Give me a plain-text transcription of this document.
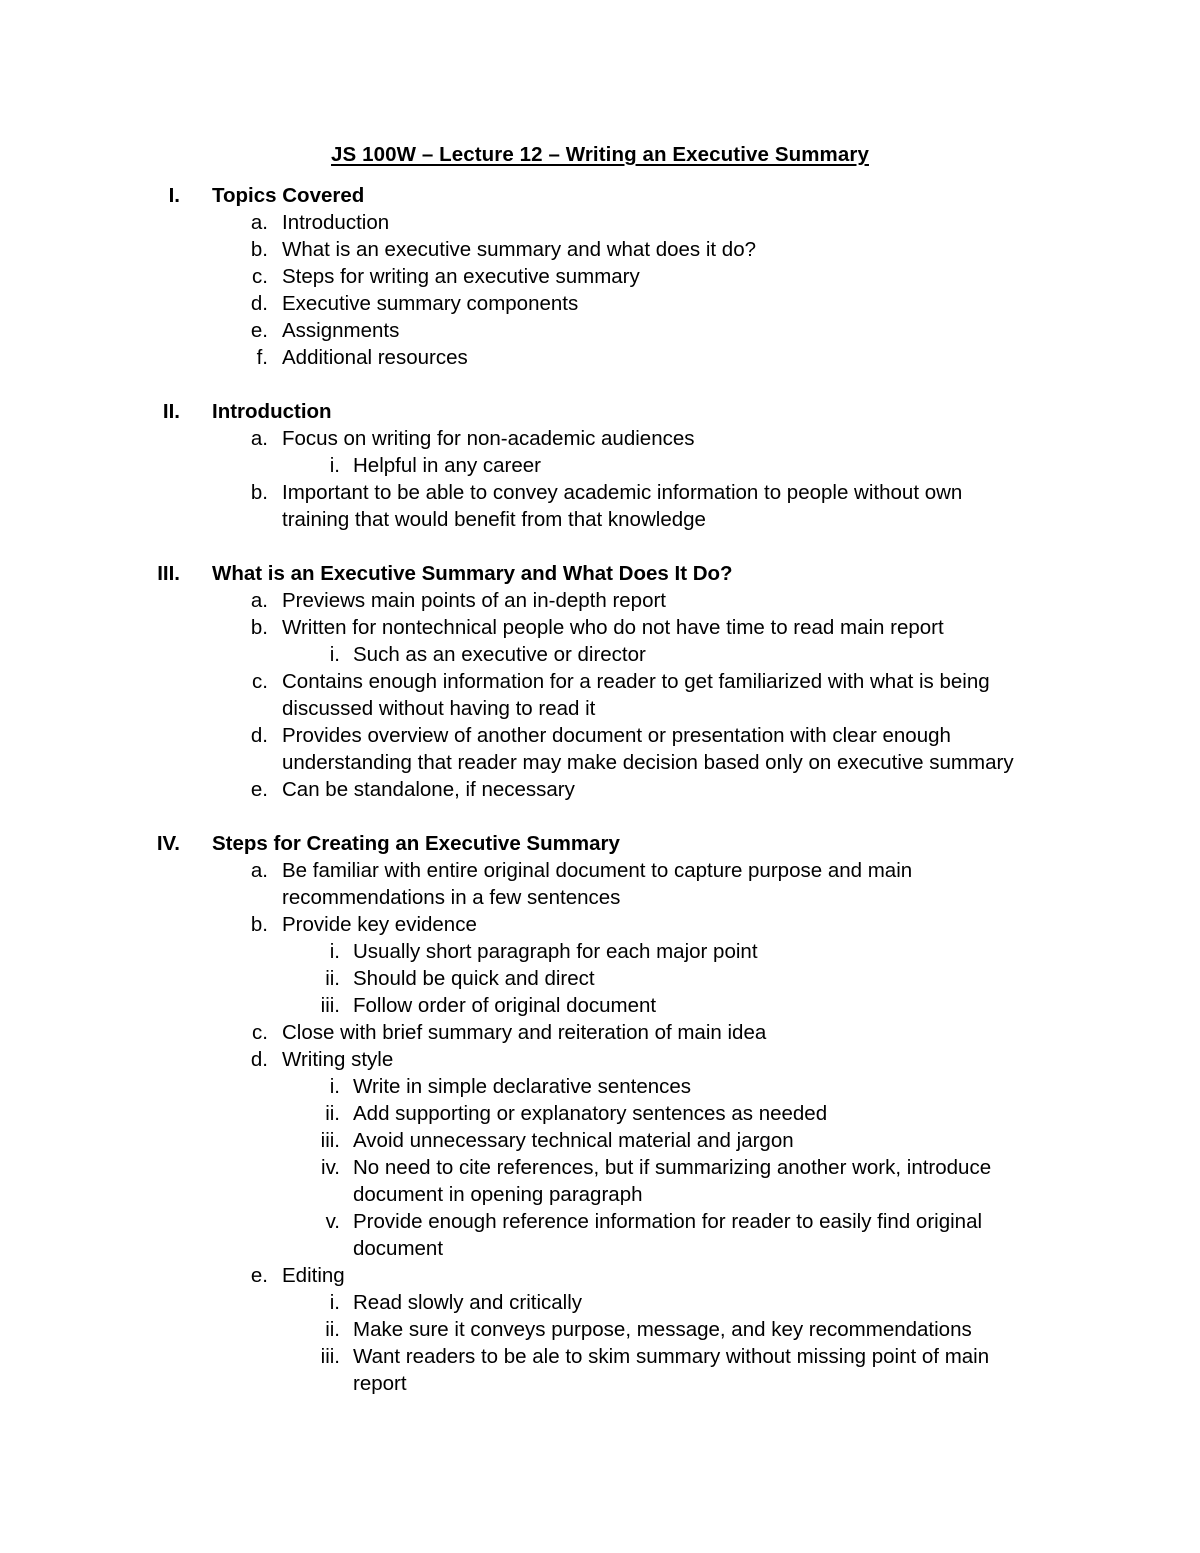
JS 100W – Lecture 12 – Writing an Executive Summary
I. Topics Covered
a. Introduction
b. What is an executive summary and what does it do?
c. Steps for writing an executive summary
d. Executive summary components
e. Assignments
f. Additional resources
II. Introduction
a. Focus on writing for non-academic audiences
i. Helpful in any career
b. Important to be able to convey academic information to people without own
training that would benefit from that knowledge
III. What is an Executive Summary and What Does It Do?
a. Previews main points of an in-depth report
b. Written for nontechnical people who do not have time to read main report
i. Such as an executive or director
c. Contains enough information for a reader to get familiarized with what is being
discussed without having to read it
d. Provides overview of another document or presentation with clear enough
understanding that reader may make decision based only on executive summary
e. Can be standalone, if necessary
IV. Steps for Creating an Executive Summary
a. Be familiar with entire original document to capture purpose and main
recommendations in a few sentences
b. Provide key evidence
i. Usually short paragraph for each major point
ii. Should be quick and direct
iii. Follow order of original document
c. Close with brief summary and reiteration of main idea
d. Writing style
i. Write in simple declarative sentences
ii. Add supporting or explanatory sentences as needed
iii. Avoid unnecessary technical material and jargon
iv. No need to cite references, but if summarizing another work, introduce
document in opening paragraph
v. Provide enough reference information for reader to easily find original
document
e. Editing
i. Read slowly and critically
ii. Make sure it conveys purpose, message, and key recommendations
iii. Want readers to be ale to skim summary without missing point of main
report
